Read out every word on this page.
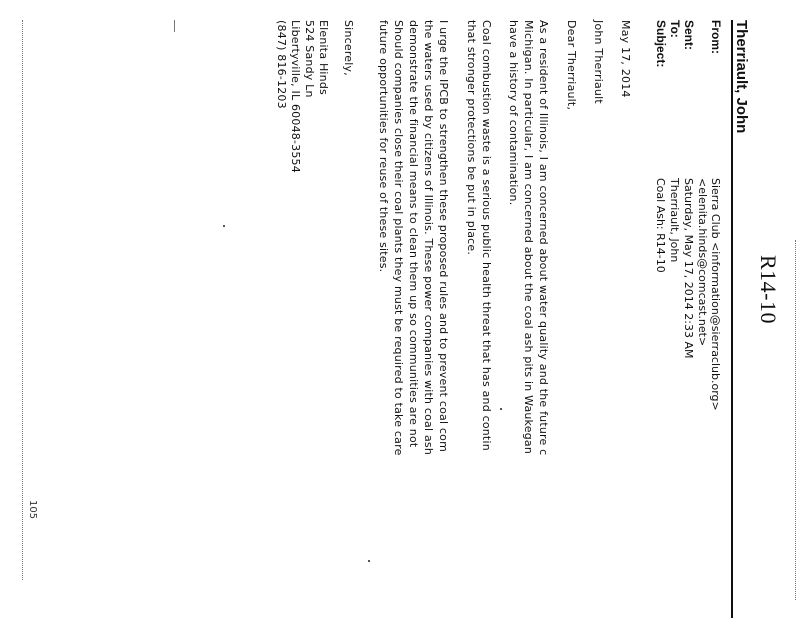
R14-10
Therriault, John
From:
Sierra Club <information@sierraclub.org>
<elenita.hinds@comcast.net>
Sent:
Saturday, May 17, 2014 2:33 AM
To:
Therriault, John
Subject:
Coal Ash: R14-10
May 17, 2014
John Therriault
Dear Therriault,
As a resident of Illinois, I am concerned about water quality and the future c
Michigan. In particular, I am concerned about the coal ash pits in Waukegan
have a history of contamination.
Coal combustion waste is a serious public health threat that has and contin
that stronger protections be put in place.
I urge the IPCB to strengthen these proposed rules and to prevent coal com
the waters used by citizens of Illinois. These power companies with coal ash
demonstrate the financial means to clean them up so communities are not
Should companies close their coal plants they must be required to take care
future opportunities for reuse of these sites.
Sincerely,
Elenita Hinds
524 Sandy Ln
Libertyville, IL 60048-3554
(847) 816-1203
105
